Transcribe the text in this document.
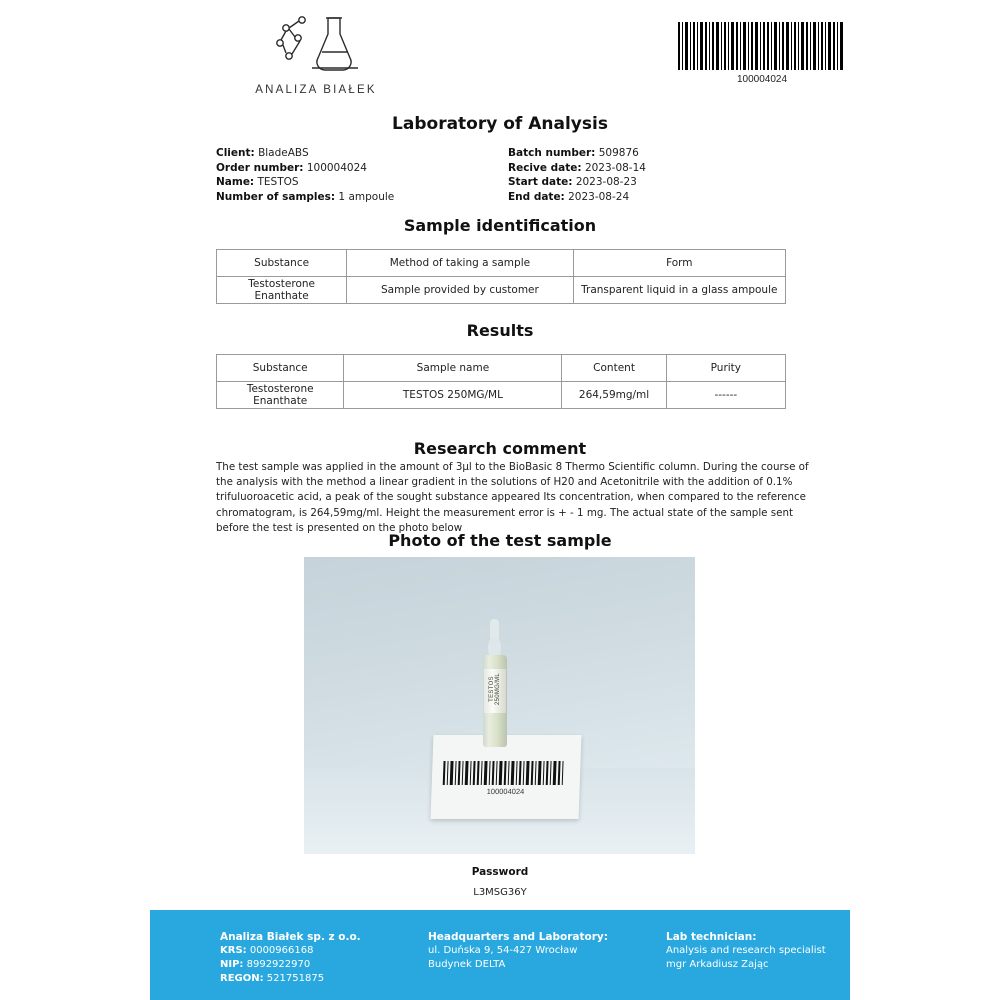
ANALIZA BIAŁEK
100004024
Laboratory of Analysis
Client: BladeABS
Order number: 100004024
Name: TESTOS
Number of samples: 1 ampoule
Batch number: 509876
Recive date: 2023-08-14
Start date: 2023-08-23
End date: 2023-08-24
Sample identification
Substance	Method of taking a sample	Form
Testosterone Enanthate	Sample provided by customer	Transparent liquid in a glass ampoule
Results
Substance	Sample name	Content	Purity
Testosterone Enanthate	TESTOS 250MG/ML	264,59mg/ml	------
Research comment
The test sample was applied in the amount of 3µl to the BioBasic 8 Thermo Scientific column. During the course of the analysis with the method a linear gradient in the solutions of H20 and Acetonitrile with the addition of 0.1% trifuluoroacetic acid, a peak of the sought substance appeared Its concentration, when compared to the reference chromatogram, is 264,59mg/ml. Height the measurement error is + - 1 mg. The actual state of the sample sent before the test is presented on the photo below
Photo of the test sample
100004024
TESTOS 250MG/ML
Password
L3MSG36Y
Analiza Białek sp. z o.o.
KRS: 0000966168
NIP: 8992922970
REGON: 521751875
Headquarters and Laboratory:
ul. Duńska 9, 54-427 Wrocław
Budynek DELTA
Lab technician:
Analysis and research specialist
mgr Arkadiusz Zając
